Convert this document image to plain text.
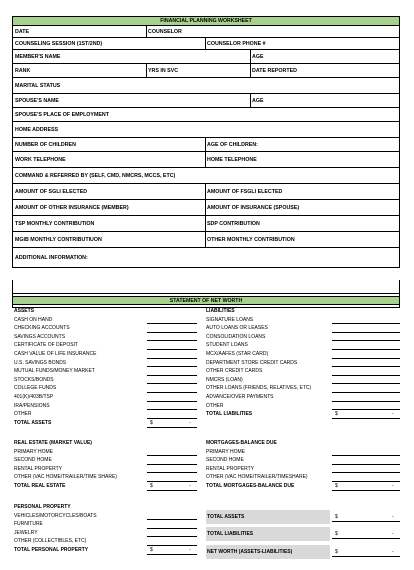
FINANCIAL PLANNING WORKSHEET
DATE	COUNSELOR
COUNSELING SESSION (1ST/2ND)	COUNSELOR PHONE #
MEMBER'S NAME	AGE
RANK	YRS IN SVC	DATE REPORTED
MARITAL STATUS
SPOUSE'S NAME	AGE
SPOUSE'S PLACE OF EMPLOYMENT
HOME ADDRESS
NUMBER OF CHILDREN	AGE OF CHILDREN:
WORK TELEPHONE	HOME TELEPHONE
COMMAND & REFERRED BY (SELF, CMD, NMCRS, MCCS, ETC)
AMOUNT OF SGLI ELECTED	AMOUNT OF FSGLI ELECTED
AMOUNT OF OTHER INSURANCE (MEMBER)	AMOUNT OF INSURANCE (SPOUSE)
TSP MONTHLY CONTRIBUTION	SDP CONTRIBUTION
MGIB MONTHLY CONTRIBUTIUON	OTHER MONTHLY CONTRIBUTION
ADDITIONAL INFORMATION:
STATEMENT OF NET WORTH
ASSETS
CASH ON HAND
CHECKING ACCOUNTS
SAVINGS ACCOUNTS
CERTIFICATE OF DEPOSIT
CASH VALUE OF LIFE INSURANCE
U.S. SAVINGS BONDS
MUTUAL FUNDS/MONEY MARKET
STOCKS/BONDS
COLLEGE FUNDS
401(K)/403B/TSP
IRA/PENSIONS
OTHER
TOTAL ASSETS	$	-
LIABILITIES
SIGNATURE LOANS
AUTO LOANS OR LEASES
CONSOLIDATION LOANS
STUDENT LOANS
MCX/AAFES (STAR CARD)
DEPARTMENT STORE CREDIT CARDS
OTHER CREDIT CARDS
NMCRS (LOAN)
OTHER LOANS (FRIENDS, RELATIVES, ETC)
ADVANCE/OVER PAYMENTS
OTHER
TOTAL LIABILITIES	$	-
REAL ESTATE (MARKET VALUE)
PRIMARY HOME
SECOND HOME
RENTAL PROPERTY
OTHER (VAC HOME/TRAILER/TIME SHARE)
TOTAL REAL ESTATE	$	-
MORTGAGES-BALANCE DUE
PRIMARY HOME
SECOND HOME
RENTAL PROPERTY
OTHER (VAC HOME/TRAILER/TIMESHARE)
TOTAL MORTGAGES-BALANCE DUE	$	-
PERSONAL PROPERTY
VEHICLES/MOTORCYCLES/BOATS
FURNITURE
JEWELRY
OTHER (COLLECTIBLES, ETC)
TOTAL PERSONAL PROPERTY	$	-
TOTAL ASSETS	$	-
TOTAL LIABILITIES	$	-
NET WORTH (ASSETS-LIABILITIES)	$	-
